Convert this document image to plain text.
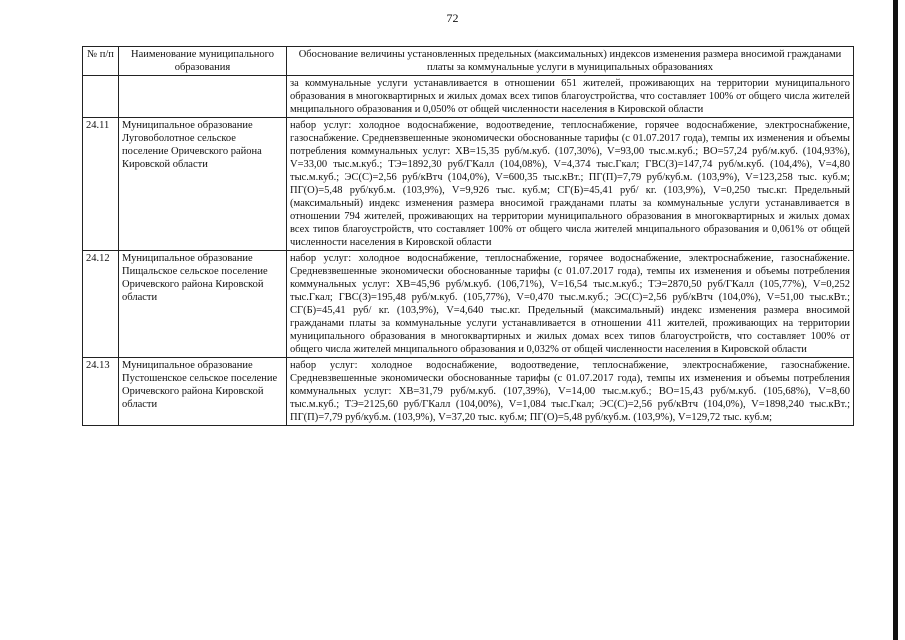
72
№ п/п	Наименование муниципального образования	Обоснование величины установленных предельных (максимальных) индексов изменения размера вносимой гражданами платы за коммунальные услуги в муниципальных образованиях
		за коммунальные услуги устанавливается в отношении 651 жителей, проживающих на территории муниципального образования в многоквартирных и жилых домах всех типов благоустройства, что составляет 100% от общего числа жителей мнципального образования и 0,050% от общей численности населения в Кировской области
24.11	Муниципальное образование Луговоболотное сельское поселение Оричевского района Кировской области	набор услуг: холодное водоснабжение, водоотведение, теплоснабжение, горячее водоснабжение, электроснабжение, газоснабжение. Средневзвешенные экономически обоснованные тарифы (с 01.07.2017 года), темпы их изменения и объемы потребления коммунальных услуг: ХВ=15,35 руб/м.куб. (107,30%), V=93,00 тыс.м.куб.; ВО=57,24 руб/м.куб. (104,93%), V=33,00 тыс.м.куб.; ТЭ=1892,30 руб/ГКалл (104,08%), V=4,374 тыс.Гкал; ГВС(З)=147,74 руб/м.куб. (104,4%), V=4,80 тыс.м.куб.; ЭС(С)=2,56 руб/кВтч (104,0%), V=600,35 тыс.кВт.; ПГ(П)=7,79 руб/куб.м. (103,9%), V=123,258 тыс. куб.м; ПГ(О)=5,48 руб/куб.м. (103,9%), V=9,926 тыс. куб.м; СГ(Б)=45,41 руб/ кг. (103,9%), V=0,250 тыс.кг. Предельный (максимальный) индекс изменения размера вносимой гражданами платы за коммунальные услуги устанавливается в отношении 794 жителей, проживающих на территории муниципального образования в многоквартирных и жилых домах всех типов благоустройств, что составляет 100% от общего числа жителей мнципального образования и 0,061% от общей численности населения в Кировской области
24.12	Муниципальное образование Пищальское сельское поселение Оричевского района Кировской области	набор услуг: холодное водоснабжение, теплоснабжение, горячее водоснабжение, электроснабжение, газоснабжение. Средневзвешенные экономически обоснованные тарифы (с 01.07.2017 года), темпы их изменения и объемы потребления коммунальных услуг: ХВ=45,96 руб/м.куб. (106,71%), V=16,54 тыс.м.куб.; ТЭ=2870,50 руб/ГКалл (105,77%), V=0,252 тыс.Гкал; ГВС(З)=195,48 руб/м.куб. (105,77%), V=0,470 тыс.м.куб.; ЭС(С)=2,56 руб/кВтч (104,0%), V=51,00 тыс.кВт.; СГ(Б)=45,41 руб/ кг. (103,9%), V=4,640 тыс.кг. Предельный (максимальный) индекс изменения размера вносимой гражданами платы за коммунальные услуги устанавливается в отношении 411 жителей, проживающих на территории муниципального образования в многоквартирных и жилых домах всех типов благоустройств, что составляет 100% от общего числа жителей мнципального образования и 0,032% от общей численности населения в Кировской области
24.13	Муниципальное образование Пустошенское сельское поселение Оричевского района Кировской области	набор услуг: холодное водоснабжение, водоотведение, теплоснабжение, электроснабжение, газоснабжение. Средневзвешенные экономически обоснованные тарифы (с 01.07.2017 года), темпы их изменения и объемы потребления коммунальных услуг: ХВ=31,79 руб/м.куб. (107,39%), V=14,00 тыс.м.куб.; ВО=15,43 руб/м.куб. (105,68%), V=8,60 тыс.м.куб.; ТЭ=2125,60 руб/ГКалл (104,00%), V=1,084 тыс.Гкал; ЭС(С)=2,56 руб/кВтч (104,0%), V=1898,240 тыс.кВт.; ПГ(П)=7,79 руб/куб.м. (103,9%), V=37,20 тыс. куб.м; ПГ(О)=5,48 руб/куб.м. (103,9%), V=129,72 тыс. куб.м;
